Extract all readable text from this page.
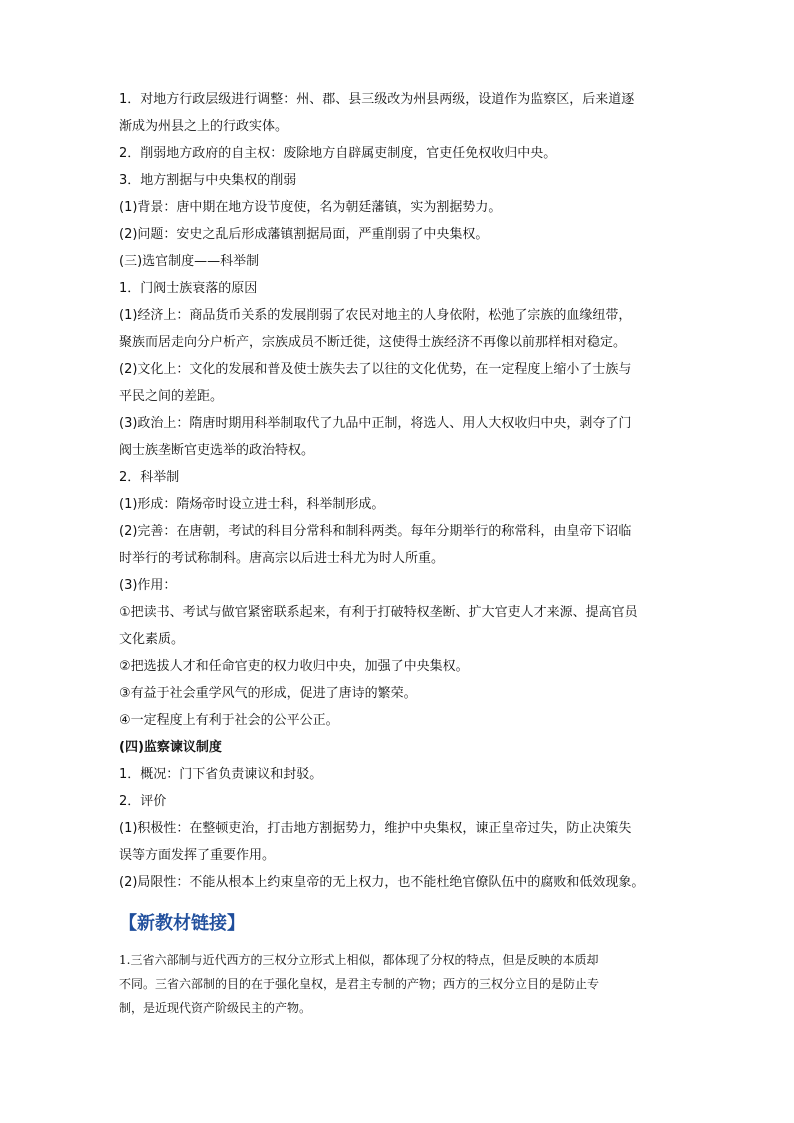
1．对地方行政层级进行调整：州、郡、县三级改为州县两级，设道作为监察区，后来道逐
渐成为州县之上的行政实体。
2．削弱地方政府的自主权：废除地方自辟属吏制度，官吏任免权收归中央。
3．地方割据与中央集权的削弱
(1)背景：唐中期在地方设节度使，名为朝廷藩镇，实为割据势力。
(2)问题：安史之乱后形成藩镇割据局面，严重削弱了中央集权。
(三)选官制度——科举制
1．门阀士族衰落的原因
(1)经济上：商品货币关系的发展削弱了农民对地主的人身依附，松弛了宗族的血缘纽带，
聚族而居走向分户析产，宗族成员不断迁徙，这使得士族经济不再像以前那样相对稳定。
(2)文化上：文化的发展和普及使士族失去了以往的文化优势，在一定程度上缩小了士族与
平民之间的差距。
(3)政治上：隋唐时期用科举制取代了九品中正制，将选人、用人大权收归中央，剥夺了门
阀士族垄断官吏选举的政治特权。
2．科举制
(1)形成：隋炀帝时设立进士科，科举制形成。
(2)完善：在唐朝，考试的科目分常科和制科两类。每年分期举行的称常科，由皇帝下诏临
时举行的考试称制科。唐高宗以后进士科尤为时人所重。
(3)作用：
①把读书、考试与做官紧密联系起来，有利于打破特权垄断、扩大官吏人才来源、提高官员
文化素质。
②把选拔人才和任命官吏的权力收归中央，加强了中央集权。
③有益于社会重学风气的形成，促进了唐诗的繁荣。
④一定程度上有利于社会的公平公正。
(四)监察谏议制度
1．概况：门下省负责谏议和封驳。
2．评价
(1)积极性：在整顿吏治，打击地方割据势力，维护中央集权，谏正皇帝过失，防止决策失
误等方面发挥了重要作用。
(2)局限性：不能从根本上约束皇帝的无上权力，也不能杜绝官僚队伍中的腐败和低效现象。
【新教材链接】
1.三省六部制与近代西方的三权分立形式上相似，都体现了分权的特点，但是反映的本质却
不同。三省六部制的目的在于强化皇权，是君主专制的产物；西方的三权分立目的是防止专
制，是近现代资产阶级民主的产物。
